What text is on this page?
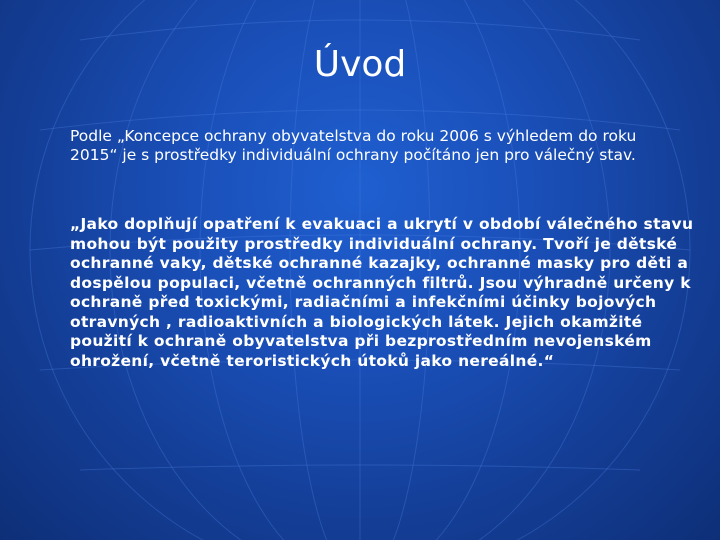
Úvod

Podle „Koncepce ochrany obyvatelstva do roku 2006 s výhledem do roku 2015“ je s prostředky individuální ochrany počítáno jen pro válečný stav.

„Jako doplňují opatření k evakuaci a ukrytí v období válečného stavu mohou být použity prostředky individuální ochrany. Tvoří je dětské ochranné vaky, dětské ochranné kazajky, ochranné masky pro děti a dospělou populaci, včetně ochranných filtrů. Jsou výhradně určeny k ochraně před toxickými, radiačními a infekčními účinky bojových otravných , radioaktivních a biologických látek. Jejich okamžité použití k ochraně obyvatelstva při bezprostředním nevojenském ohrožení, včetně teroristických útoků jako nereálné.“
